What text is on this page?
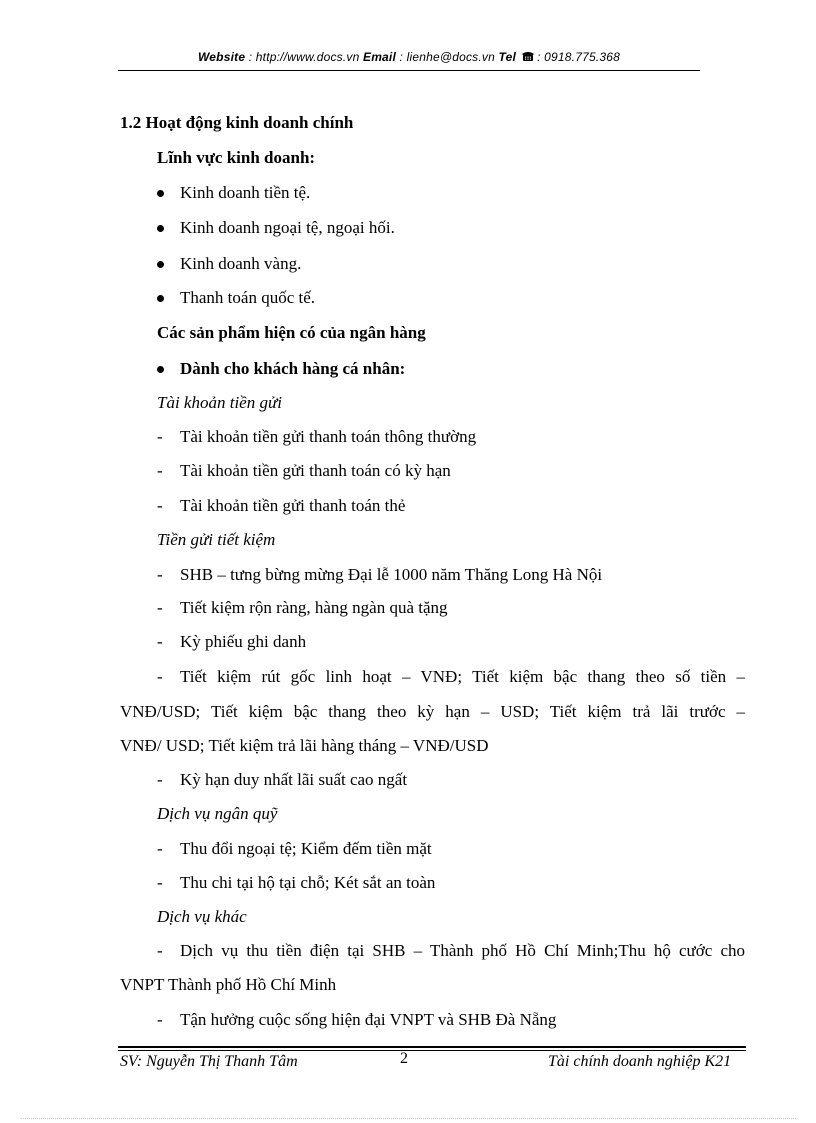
Website : http://www.docs.vn Email : lienhe@docs.vn Tel  : 0918.775.368
1.2 Hoạt động kinh doanh chính
Lĩnh vực kinh doanh:
Kinh doanh tiền tệ.
Kinh doanh ngoại tệ, ngoại hối.
Kinh doanh vàng.
Thanh toán quốc tế.
Các sản phẩm hiện có của ngân hàng
Dành cho khách hàng cá nhân:
Tài khoản tiền gửi
- Tài khoản tiền gửi thanh toán thông thường
- Tài khoản tiền gửi thanh toán có kỳ hạn
- Tài khoản tiền gửi thanh toán thẻ
Tiền gửi tiết kiệm
- SHB – tưng bừng mừng Đại lễ 1000 năm Thăng Long Hà Nội
- Tiết kiệm rộn ràng, hàng ngàn quà tặng
- Kỳ phiếu ghi danh
- Tiết kiệm rút gốc linh hoạt – VNĐ; Tiết kiệm bậc thang theo số tiền –
VNĐ/USD; Tiết kiệm bậc thang theo kỳ hạn – USD; Tiết kiệm trả lãi trước –
VNĐ/ USD; Tiết kiệm trả lãi hàng tháng – VNĐ/USD
- Kỳ hạn duy nhất lãi suất cao ngất
Dịch vụ ngân quỹ
- Thu đổi ngoại tệ; Kiểm đếm tiền mặt
- Thu chi tại hộ tại chỗ; Két sắt an toàn
Dịch vụ khác
- Dịch vụ thu tiền điện tại SHB – Thành phố Hồ Chí Minh;Thu hộ cước cho
VNPT Thành phố Hồ Chí Minh
- Tận hưởng cuộc sống hiện đại VNPT và SHB Đà Nẵng
SV: Nguyễn Thị Thanh Tâm	2	Tài chính doanh nghiệp K21
